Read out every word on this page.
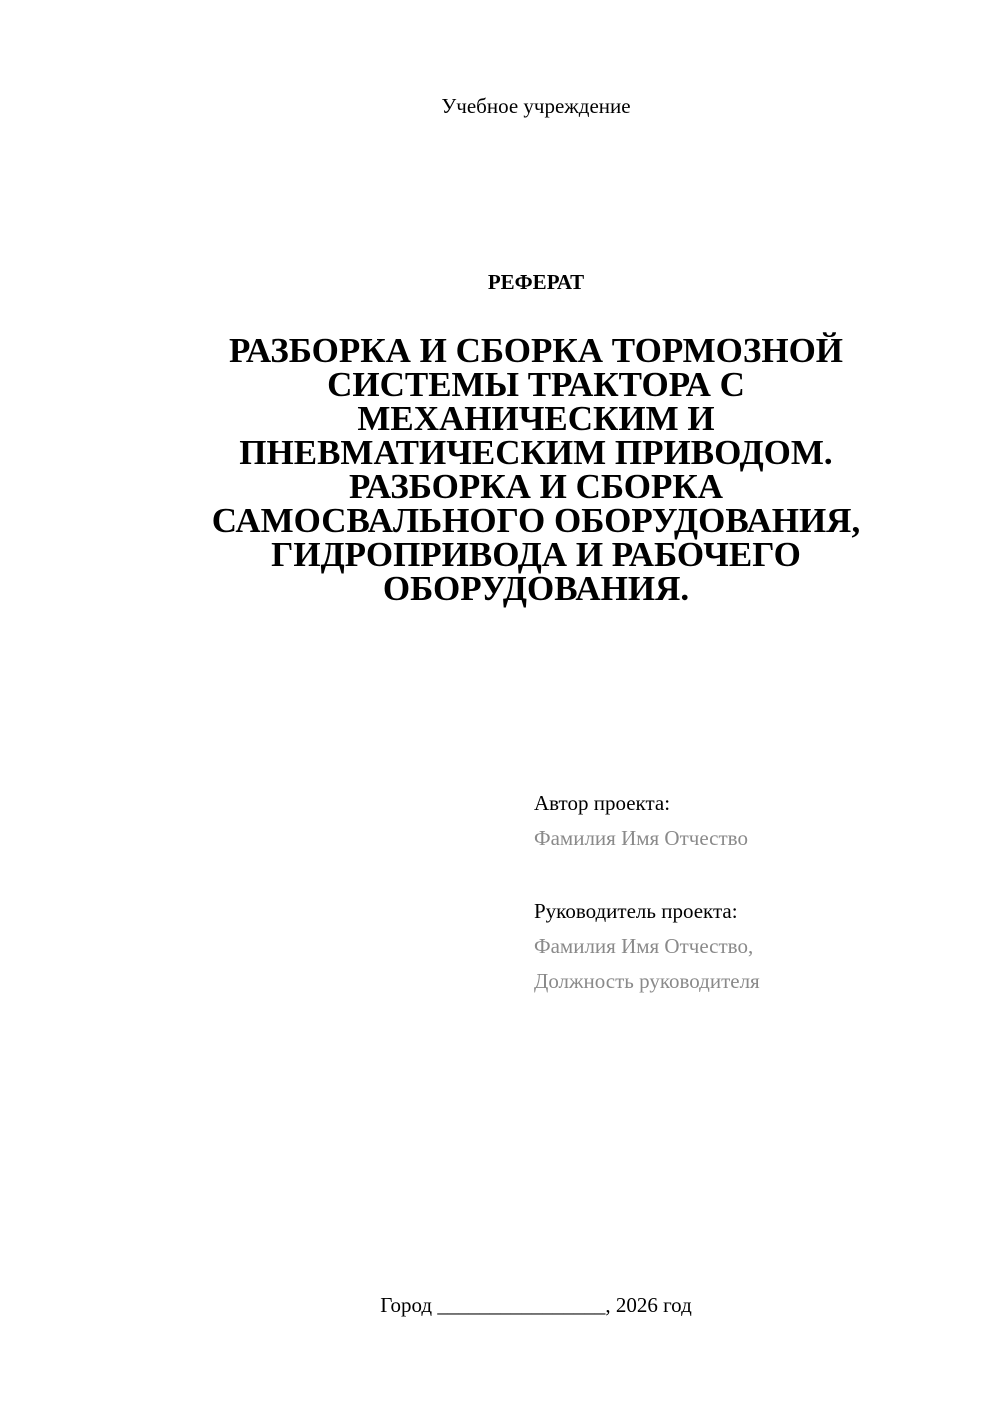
Учебное учреждение
РЕФЕРАТ
РАЗБОРКА И СБОРКА ТОРМОЗНОЙ
СИСТЕМЫ ТРАКТОРА С
МЕХАНИЧЕСКИМ И
ПНЕВМАТИЧЕСКИМ ПРИВОДОМ.
РАЗБОРКА И СБОРКА
САМОСВАЛЬНОГО ОБОРУДОВАНИЯ,
ГИДРОПРИВОДА И РАБОЧЕГО
ОБОРУДОВАНИЯ.
Автор проекта:
Фамилия Имя Отчество
Руководитель проекта:
Фамилия Имя Отчество,
Должность руководителя
Город ________________, 2026 год
